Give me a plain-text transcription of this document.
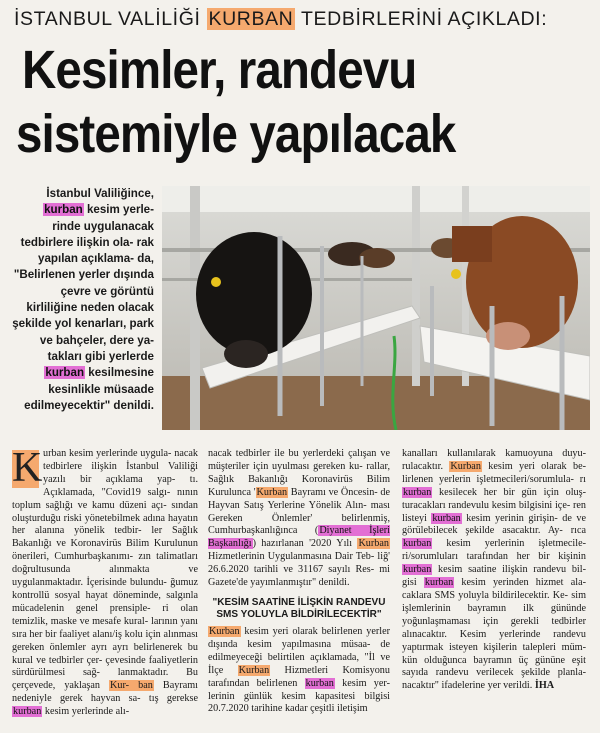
İSTANBUL VALİLİĞİ KURBAN TEDBİRLERİNİ AÇIKLADI:
Kesimler, randevu
sistemiyle yapılacak
İstanbul Valiliğince, kurban kesim yerle- rinde uygulanacak tedbirlere ilişkin ola- rak yapılan açıklama- da, "Belirlenen yerler dışında çevre ve görüntü kirliliğine neden olacak şekilde yol kenarları, park ve bahçeler, dere ya- takları gibi yerlerde kurban kesilmesine kesinlikle müsaade edilmeyecektir" denildi.
K urban kesim yerlerinde uygula- nacak tedbirlere ilişkin İstanbul Valiliği yazılı bir açıklama yap- tı. Açıklamada, "Covid19 salgı- nının toplum sağlığı ve kamu düzeni açı- sından oluşturduğu riski yönetebilmek adına hayatın her alanına yönelik tedbir- ler Sağlık Bakanlığı ve Koronavirüs Bilim Kurulunun önerileri, Cumhurbaşkanımı- zın talimatları doğrultusunda alınmakta ve uygulanmaktadır. İçerisinde bulundu- ğumuz kontrollü sosyal hayat döneminde, salgınla mücadelenin genel prensiple- ri olan temizlik, maske ve mesafe kural- larının yanı sıra her bir faaliyet alanı/iş kolu için alınması gereken önlemler ayrı ayrı belirlenerek bu kural ve tedbirler çer- çevesinde faaliyetlerin sürdürülmesi sağ- lanmaktadır. Bu çerçevede, yaklaşan Kur- ban Bayramı nedeniyle gerek hayvan sa- tış gerekse kurban kesim yerlerinde alı-
nacak tedbirler ile bu yerlerdeki çalışan ve müşteriler için uyulması gereken ku- rallar, Sağlık Bakanlığı Koronavirüs Bilim Kurulunca 'Kurban Bayramı ve Öncesin- de Hayvan Satış Yerlerine Yönelik Alın- ması Gereken Önlemler' belirlenmiş, Cumhurbaşkanlığınca (Diyanet İşleri Başkanlığı) hazırlanan '2020 Yılı Kurban Hizmetlerinin Uygulanmasına Dair Teb- liğ' 26.6.2020 tarihli ve 31167 sayılı Res- mi Gazete'de yayımlanmıştır" denildi.
"KESİM SAATİNE İLİŞKİN RANDEVU SMS YOLUYLA BİLDİRİLECEKTİR"
Kurban kesim yeri olarak belirlenen yerler dışında kesim yapılmasına müsaa- de edilmeyeceği belirtilen açıklamada, "İl ve İlçe Kurban Hizmetleri Komisyonu tarafından belirlenen kurban kesim yer- lerinin günlük kesim kapasitesi bilgisi 20.7.2020 tarihine kadar çeşitli iletişim
kanalları kullanılarak kamuoyuna duyu- rulacaktır. Kurban kesim yeri olarak be- lirlenen yerlerin işletmecileri/sorumlula- rı kurban kesilecek her bir gün için oluş- turacakları randevulu kesim bilgisini içe- ren listeyi kurban kesim yerinin girişin- de ve görülebilecek şekilde asacaktır. Ay- rıca kurban kesim yerlerinin işletmecile- ri/sorumluları tarafından her bir kişinin kurban kesim saatine ilişkin randevu bil- gisi kurban kesim yerinden hizmet ala- caklara SMS yoluyla bildirilecektir. Ke- sim işlemlerinin bayramın ilk gününde yoğunlaşmaması için gerekli tedbirler alınacaktır. Kesim yerlerinde randevu yaptırmak isteyen kişilerin talepleri müm- kün olduğunca bayramın üç gününe eşit sayıda randevu verilecek şekilde planla- nacaktır" ifadelerine yer verildi. İHA
